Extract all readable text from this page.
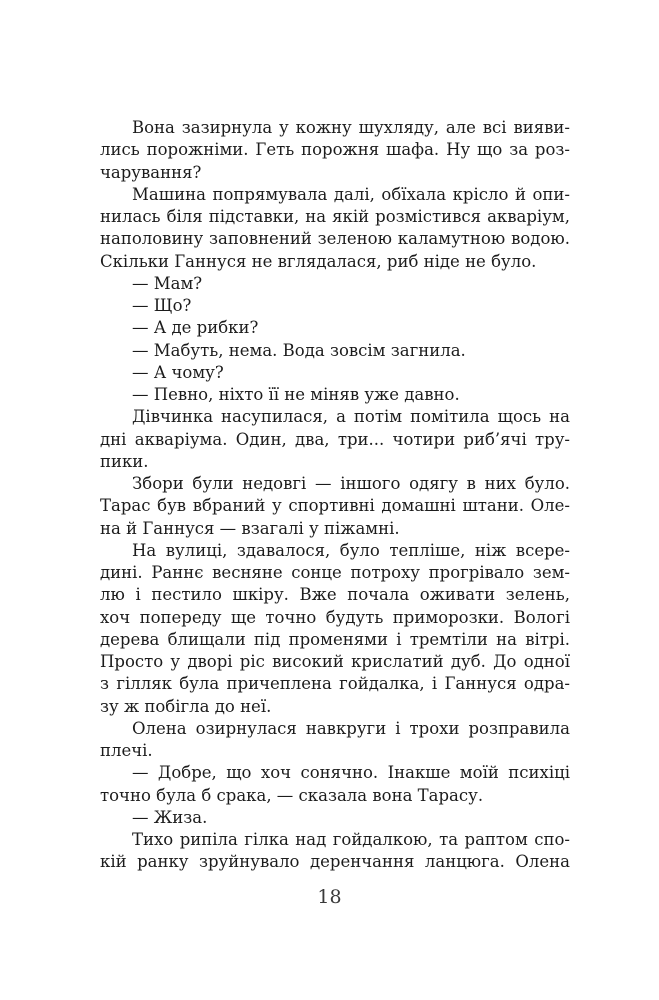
Вона зазирнула у кожну шухляду, але всі вияви-
лись порожніми. Геть порожня шафа. Ну що за роз-
чарування?
Машина попрямувала далі, обїхала крісло й опи-
нилась біля підставки, на якій розмістився акваріум,
наполовину заповнений зеленою каламутною водою.
Скільки Ганнуся не вглядалася, риб ніде не було.
— Мам?
— Що?
— А де рибки?
— Мабуть, нема. Вода зовсім загнила.
— А чому?
— Певно, ніхто її не міняв уже давно.
Дівчинка насупилася, а потім помітила щось на
дні акваріума. Один, два, три... чотири риб’ячі тру-
пики.
Збори були недовгі — іншого одягу в них було.
Тарас був вбраний у спортивні домашні штани. Оле-
на й Ганнуся — взагалі у піжамні.
На вулиці, здавалося, було тепліше, ніж всере-
дині. Раннє весняне сонце потроху прогрівало зем-
лю і пестило шкіру. Вже почала оживати зелень,
хоч попереду ще точно будуть приморозки. Вологі
дерева блищали під променями і тремтіли на вітрі.
Просто у дворі ріс високий крислатий дуб. До одної
з гілляк була причеплена гойдалка, і Ганнуся одра-
зу ж побігла до неї.
Олена озирнулася навкруги і трохи розправила
плечі.
— Добре, що хоч сонячно. Інакше моїй психіці
точно була б срака, — сказала вона Тарасу.
— Жиза.
Тихо рипіла гілка над гойдалкою, та раптом спо-
кій ранку зруйнувало деренчання ланцюга. Олена
18
